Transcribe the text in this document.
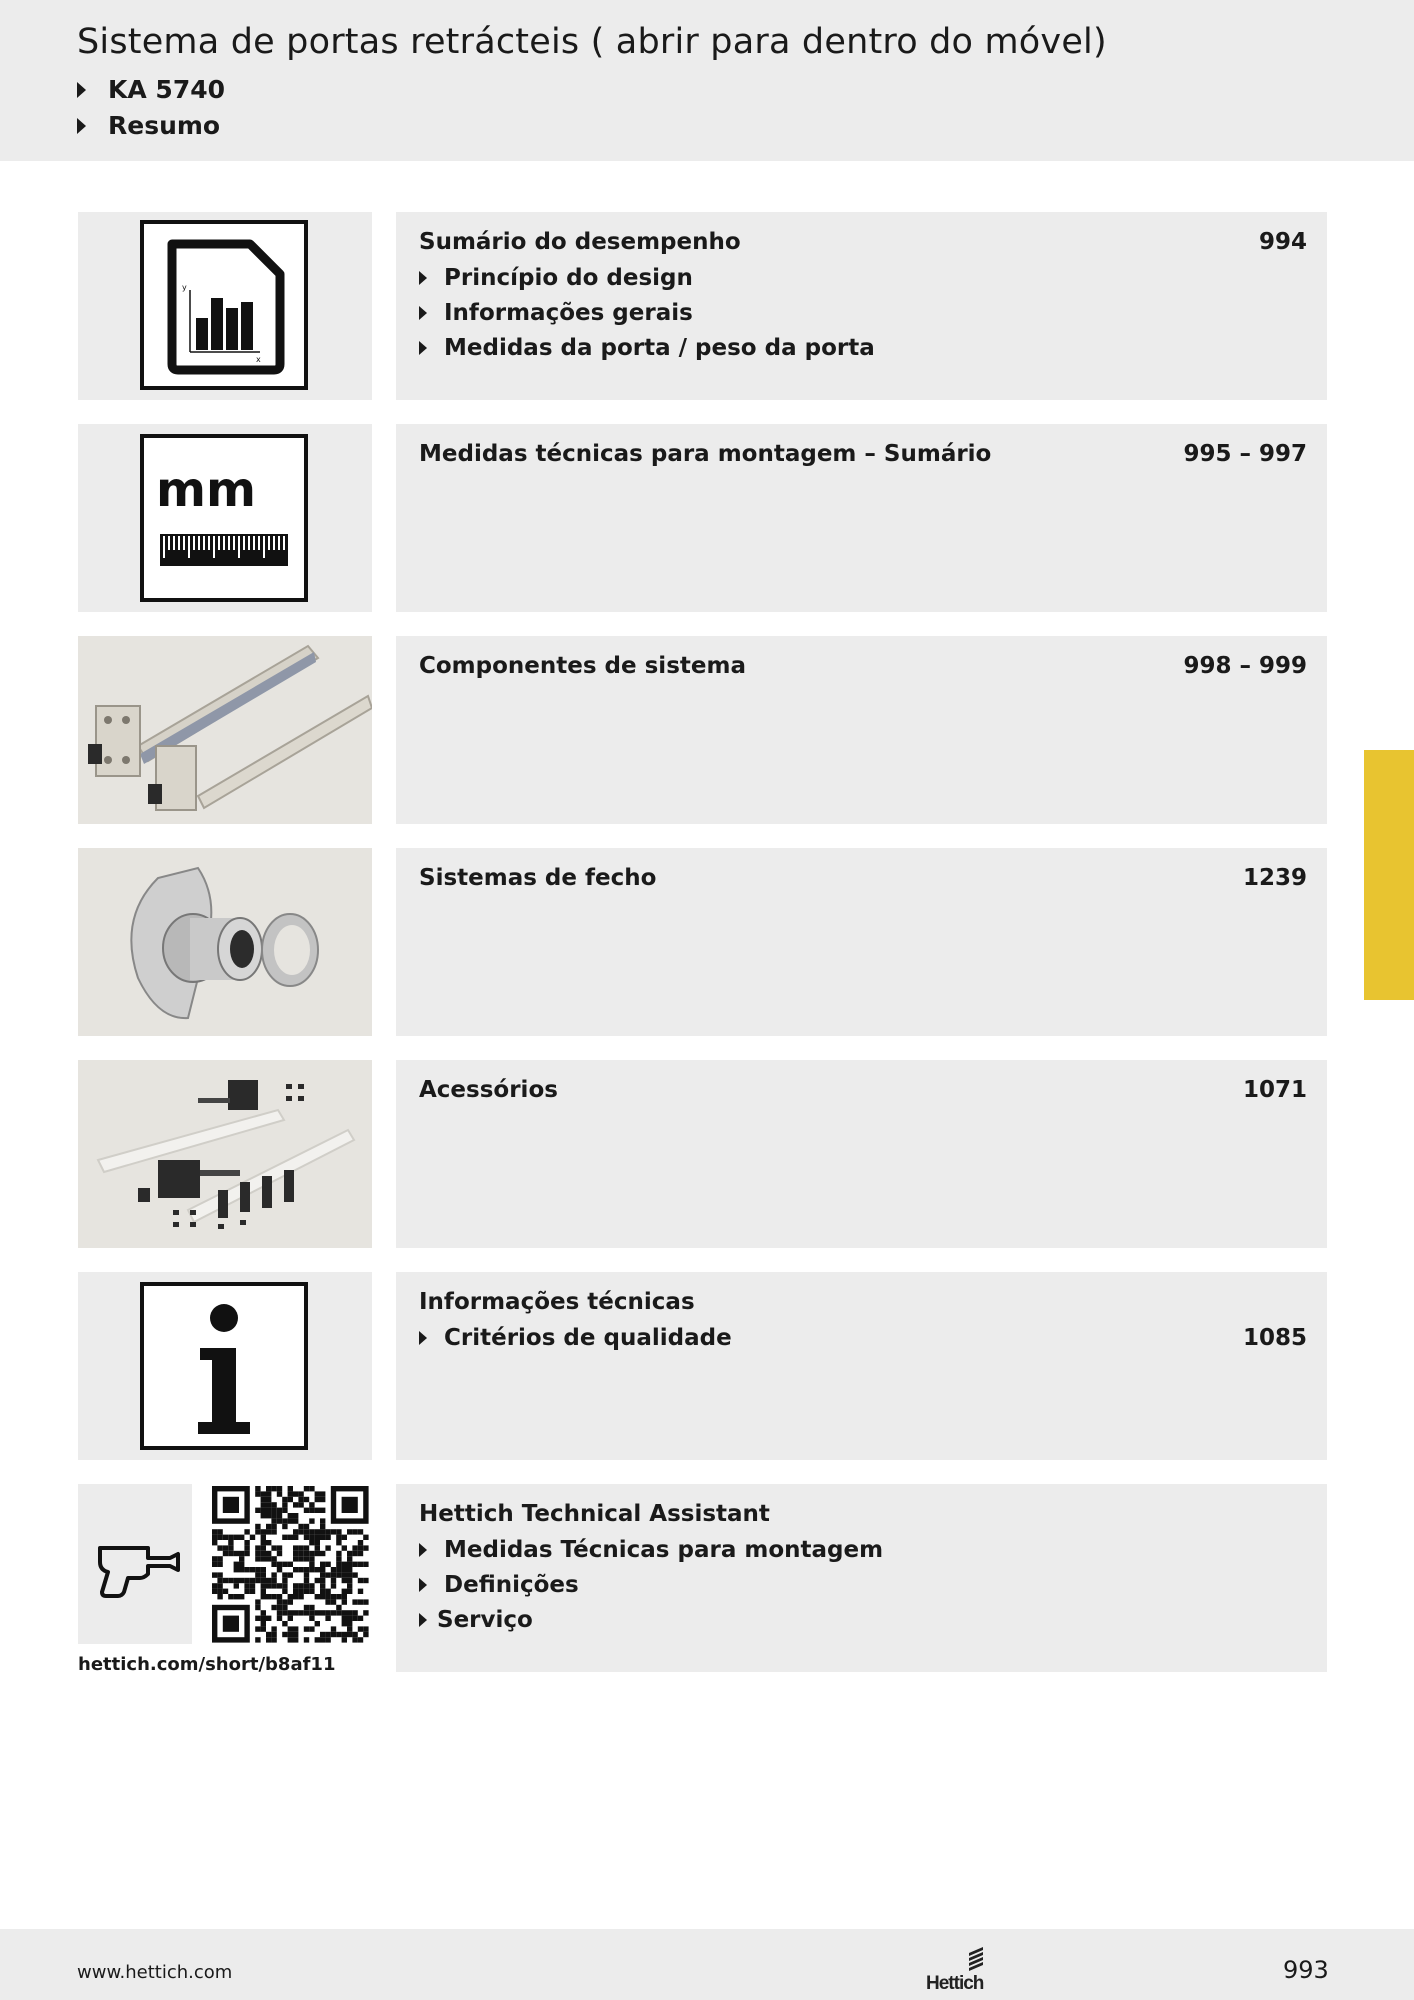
Sistema de portas retrácteis ( abrir para dentro do móvel)
KA 5740
Resumo
y
x
Sumário do desempenho	994
Princípio do design
Informações gerais
Medidas da porta / peso da porta
mm
Medidas técnicas para montagem – Sumário	995 – 997
Componentes de sistema	998 – 999
Sistemas de fecho	1239
Acessórios	1071
Informações técnicas
Critérios de qualidade	1085
hettich.com/short/b8af11
Hettich Technical Assistant
Medidas Técnicas para montagem
Definições
Serviço
www.hettich.com
Hettich	993
